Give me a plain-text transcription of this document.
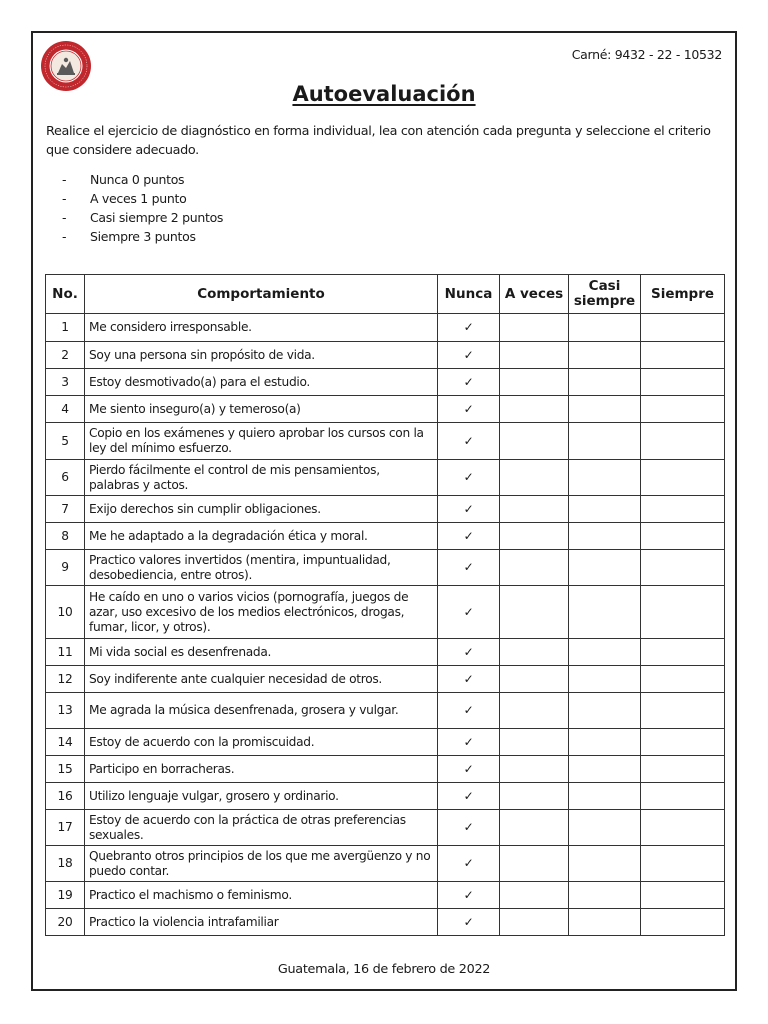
Carné: 9432 - 22 - 10532
Autoevaluación
Realice el ejercicio de diagnóstico en forma individual, lea con atención cada pregunta y seleccione el criterio que considere adecuado.
- Nunca 0 puntos
- A veces 1 punto
- Casi siempre 2 puntos
- Siempre 3 puntos
No.	Comportamiento	Nunca	A veces	Casi siempre	Siempre
1	Me considero irresponsable.	✓			
2	Soy una persona sin propósito de vida.	✓			
3	Estoy desmotivado(a) para el estudio.	✓			
4	Me siento inseguro(a) y temeroso(a)	✓			
5	Copio en los exámenes y quiero aprobar los cursos con la ley del mínimo esfuerzo.	✓			
6	Pierdo fácilmente el control de mis pensamientos, palabras y actos.	✓			
7	Exijo derechos sin cumplir obligaciones.	✓			
8	Me he adaptado a la degradación ética y moral.	✓			
9	Practico valores invertidos (mentira, impuntualidad, desobediencia, entre otros).	✓			
10	He caído en uno o varios vicios (pornografía, juegos de azar, uso excesivo de los medios electrónicos, drogas, fumar, licor, y otros).	✓			
11	Mi vida social es desenfrenada.	✓			
12	Soy indiferente ante cualquier necesidad de otros.	✓			
13	Me agrada la música desenfrenada, grosera y vulgar.	✓			
14	Estoy de acuerdo con la promiscuidad.	✓			
15	Participo en borracheras.	✓			
16	Utilizo lenguaje vulgar, grosero y ordinario.	✓			
17	Estoy de acuerdo con la práctica de otras preferencias sexuales.	✓			
18	Quebranto otros principios de los que me avergüenzo y no puedo contar.	✓			
19	Practico el machismo o feminismo.	✓			
20	Practico la violencia intrafamiliar	✓			
Guatemala, 16 de febrero de 2022
